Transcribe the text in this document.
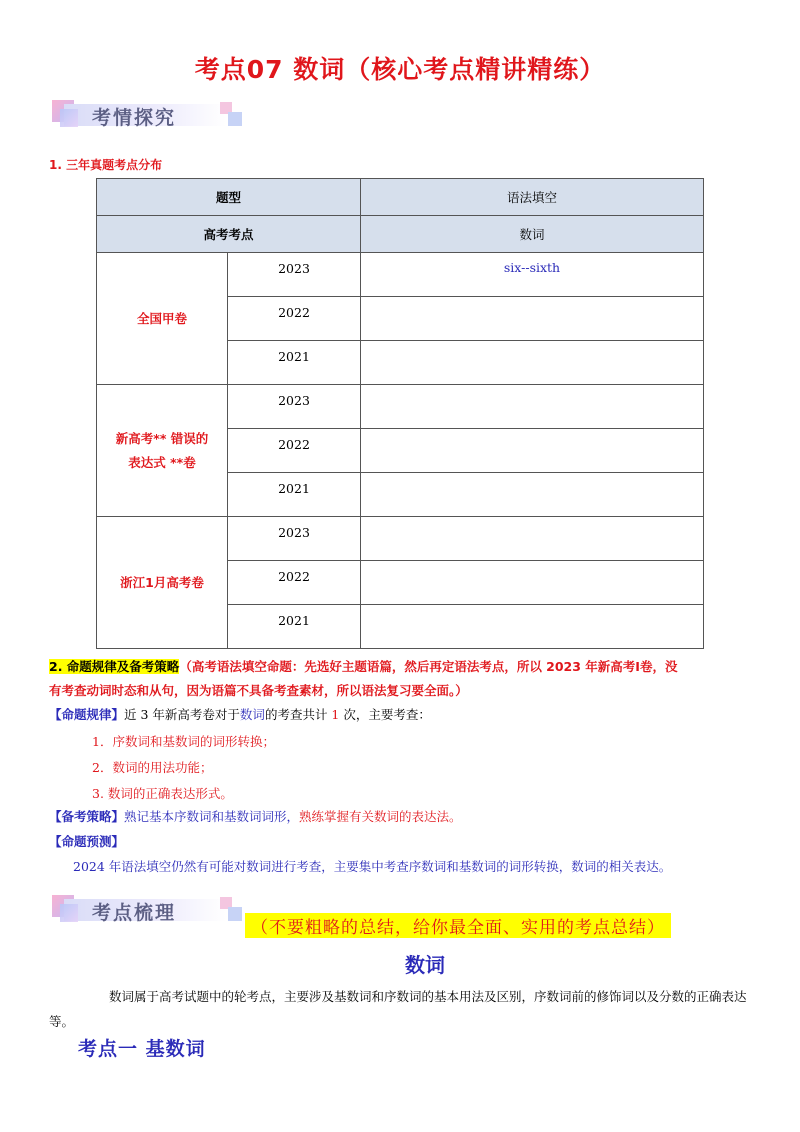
考点07 数词（核心考点精讲精练）
考情探究
1. 三年真题考点分布
题型		语法填空
高考考点		数词
全国甲卷	2023	six--sixth
	2022	
	2021	

新高考** 错误的
表达式 **卷	2023	
	2022	
	2021	
浙江1月高考卷	2023	
	2022	
	2021	
2. 命题规律及备考策略（高考语法填空命题：先选好主题语篇，然后再定语法考点，所以 2023 年新高考Ⅰ卷，没
有考查动词时态和从句，因为语篇不具备考查素材，所以语法复习要全面。）
【命题规律】近 3 年新高考卷对于数词的考查共计 1 次，主要考查：
1．序数词和基数词的词形转换；
2．数词的用法功能；
3. 数词的正确表达形式。
【备考策略】熟记基本序数词和基数词词形，熟练掌握有关数词的表达法。
【命题预测】
2024 年语法填空仍然有可能对数词进行考查，主要集中考查序数词和基数词的词形转换，数词的相关表达。
考点梳理
（不要粗略的总结，给你最全面、实用的考点总结）
数词
数词属于高考试题中的轮考点，主要涉及基数词和序数词的基本用法及区别，序数词前的修饰词以及分数的正确表达等。
考点一 基数词
